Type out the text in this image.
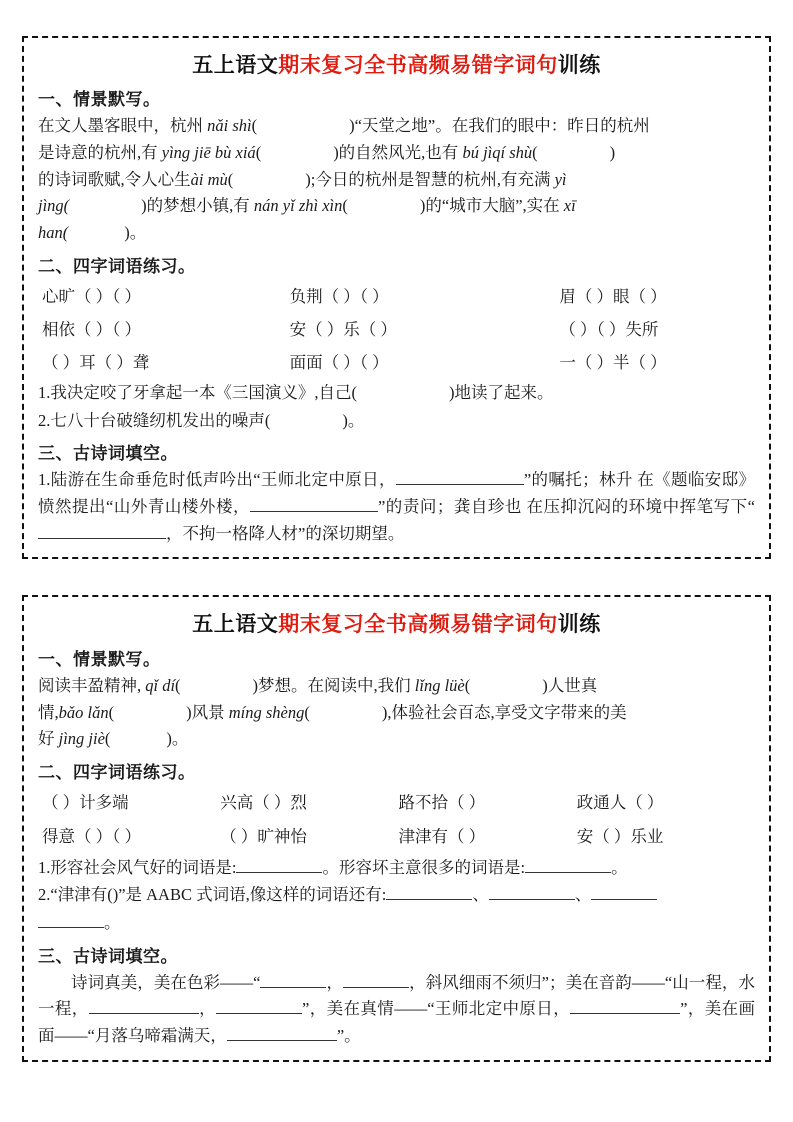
五上语文期末复习全书高频易错字词句训练
一、情景默写。
在文人墨客眼中，杭州 nǎi shì(	)“天堂之地”。在我们的眼中：昨日的杭州
是诗意的杭州,有 yìng jiē bù xiá(	)的自然风光,也有 bú jìqí shù(	)
的诗词歌赋,令人心生ài mù(	);今日的杭州是智慧的杭州,有充满 yì
jìng(	)的梦想小镇,有 nán yǐ zhì xìn(	)的“城市大脑”,实在 xī
han(	)。
二、四字词语练习。
心旷（ ）（ ）	负荆（ ）（ ）	眉（ ）眼（ ）
相依（ ）（ ）	安（ ）乐（ ）	（ ）（ ）失所
（ ）耳（ ）聋	面面（ ）（ ）	一（ ）半（ ）
1.我决定咬了牙拿起一本《三国演义》,自己(	)地读了起来。
2.七八十台破缝纫机发出的噪声(	)。
三、古诗词填空。
1.陆游在生命垂危时低声吟出“王师北定中原日，	”的嘱托；林升 在《题临安邸》愤然提出“山外青山楼外楼，	”的责问；龚自珍也 在压抑沉闷的环境中挥笔写下“，不拘一格降人材”的深切期望。
五上语文期末复习全书高频易错字词句训练
一、情景默写。
阅读丰盈精神, qǐ dí(	)梦想。在阅读中,我们 lǐng lüè(	)人世真
情,bǎo lǎn(	)风景 míng shèng(	),体验社会百态,享受文字带来的美
好 jìng jiè(	)。
二、四字词语练习。
（ ）计多端	兴高（ ）烈	路不拾（ ）	政通人（ ）
得意（ ）（ ）	（ ）旷神怡	津津有（ ）	安（ ）乐业
1.形容社会风气好的词语是:	。形容坏主意很多的词语是:	。
2.“津津有()”是 AABC 式词语,像这样的词语还有:	、	、
。
三、古诗词填空。
诗词真美，美在色彩——“	，	，斜风细雨不须归”；美在音韵——“山一程，水一程，	，	”，美在真情——“王师北定中原日，	”，美在画面——“月落乌啼霜满天，	”。
